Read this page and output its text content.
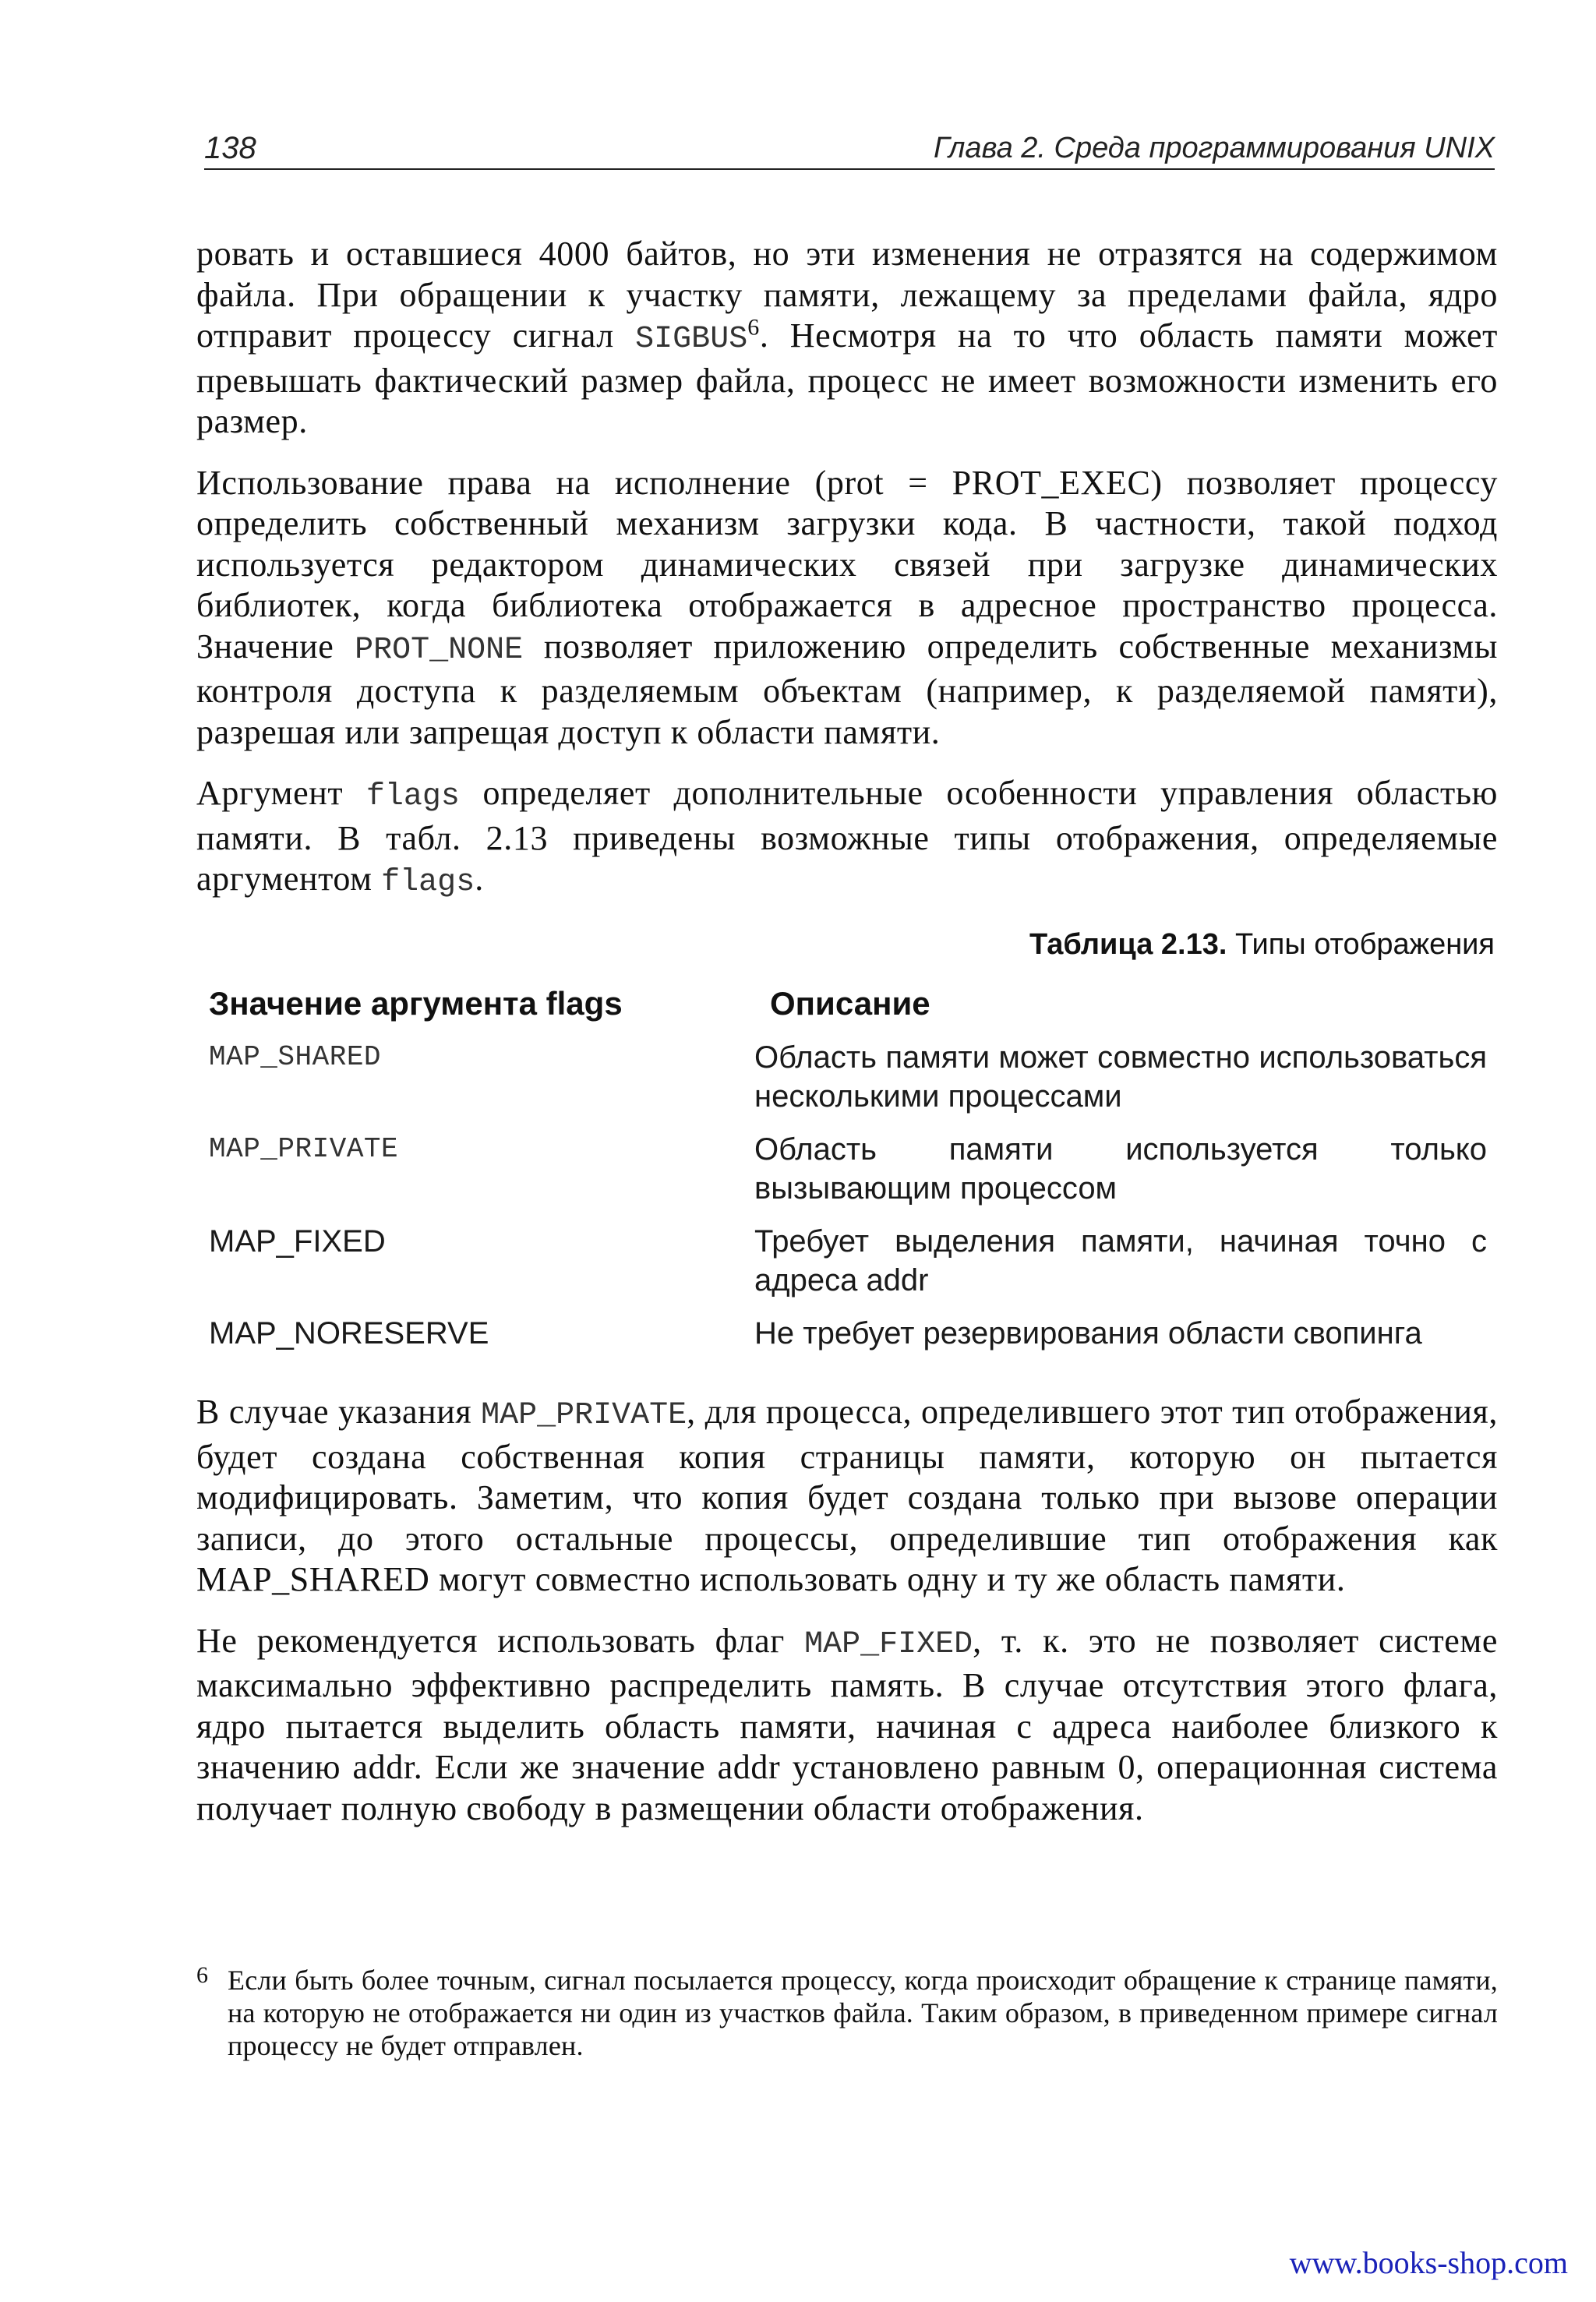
138	Глава 2. Среда программирования UNIX

рoвать и оставшиеся 4000 байтов, но эти изменения не отразятся на содержимом файла. При обращении к участку памяти, лежащему за пределами файла, ядро отправит процессу сигнал SIGBUS$^6$. Несмотря на то что область памяти может превышать фактический размер файла, процесс не имеет возможности изменить его размер.

Использование права на исполнение (prot = PROT_EXEC) позволяет процессу определить собственный механизм загрузки кода. В частности, такой подход используется редактором динамических связей при загрузке динамических библиотек, когда библиотека отображается в адресное пространство процесса. Значение PROT_NONE позволяет приложению определить собственные механизмы контроля доступа к разделяемым объектам (например, к разделяемой памяти), разрешая или запрещая доступ к области памяти.

Аргумент flags определяет дополнительные особенности управления областью памяти. В табл. 2.13 приведены возможные типы отображения, определяемые аргументом flags.

Таблица 2.13. Типы отображения
Значение аргумента flags	Описание
MAP_SHARED	Область памяти может совместно использоваться несколькими процессами
MAP_PRIVATE	Область памяти используется только вызывающим процессом
MAP_FIXED	Требует выделения памяти, начиная точно с адреса addr
MAP_NORESERVE	Не требует резервирования области свопинга

В случае указания MAP_PRIVATE, для процесса, определившего этот тип отображения, будет создана собственная копия страницы памяти, которую он пытается модифицировать. Заметим, что копия будет создана только при вызове операции записи, до этого остальные процессы, определившие тип отображения как MAP_SHARED могут совместно использовать одну и ту же область памяти.

Не рекомендуется использовать флаг MAP_FIXED, т. к. это не позволяет системе максимально эффективно распределить память. В случае отсутствия этого флага, ядро пытается выделить область памяти, начиная с адреса наиболее близкого к значению addr. Если же значение addr установлено равным 0, операционная система получает полную свободу в размещении области отображения.

6 Если быть более точным, сигнал посылается процессу, когда происходит обращение к странице памяти, на которую не отображается ни один из участков файла. Таким образом, в приведенном примере сигнал процессу не будет отправлен.
www.books-shop.com
